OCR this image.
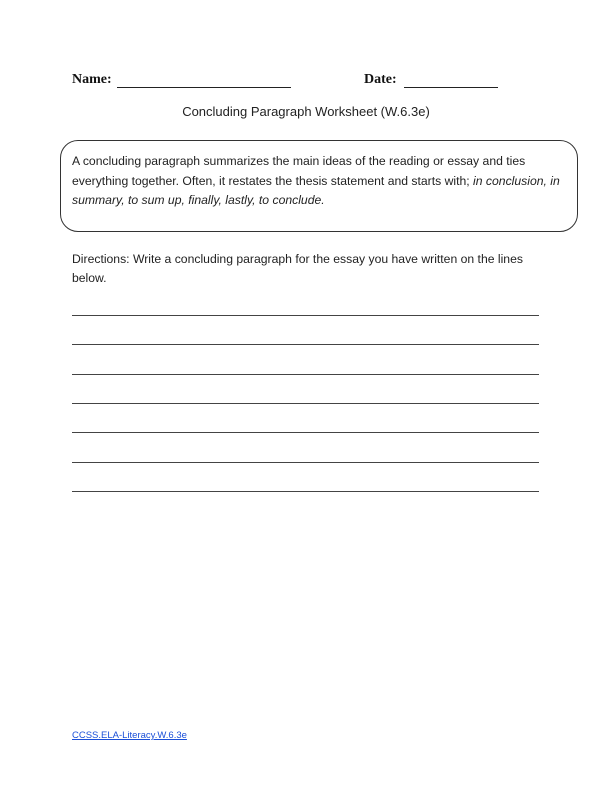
Name:	Date:
Concluding Paragraph Worksheet (W.6.3e)
A concluding paragraph summarizes the main ideas of the reading or essay and ties everything together. Often, it restates the thesis statement and starts with; in conclusion, in summary, to sum up, finally, lastly, to conclude.
Directions: Write a concluding paragraph for the essay you have written on the lines below.
CCSS.ELA-Literacy.W.6.3e
